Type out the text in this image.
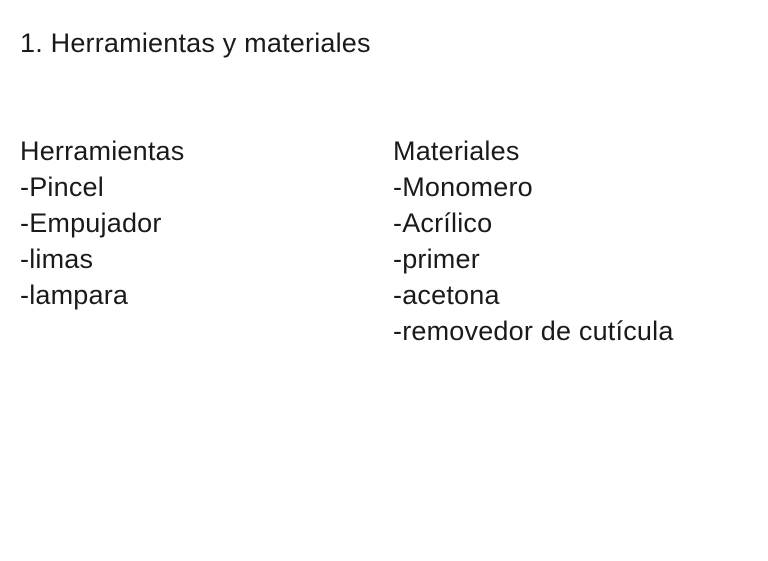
1. Herramientas y materiales
Herramientas
-Pincel
-Empujador
-limas
-lampara
Materiales
-Monomero
-Acrílico
-primer
-acetona
-removedor de cutícula
